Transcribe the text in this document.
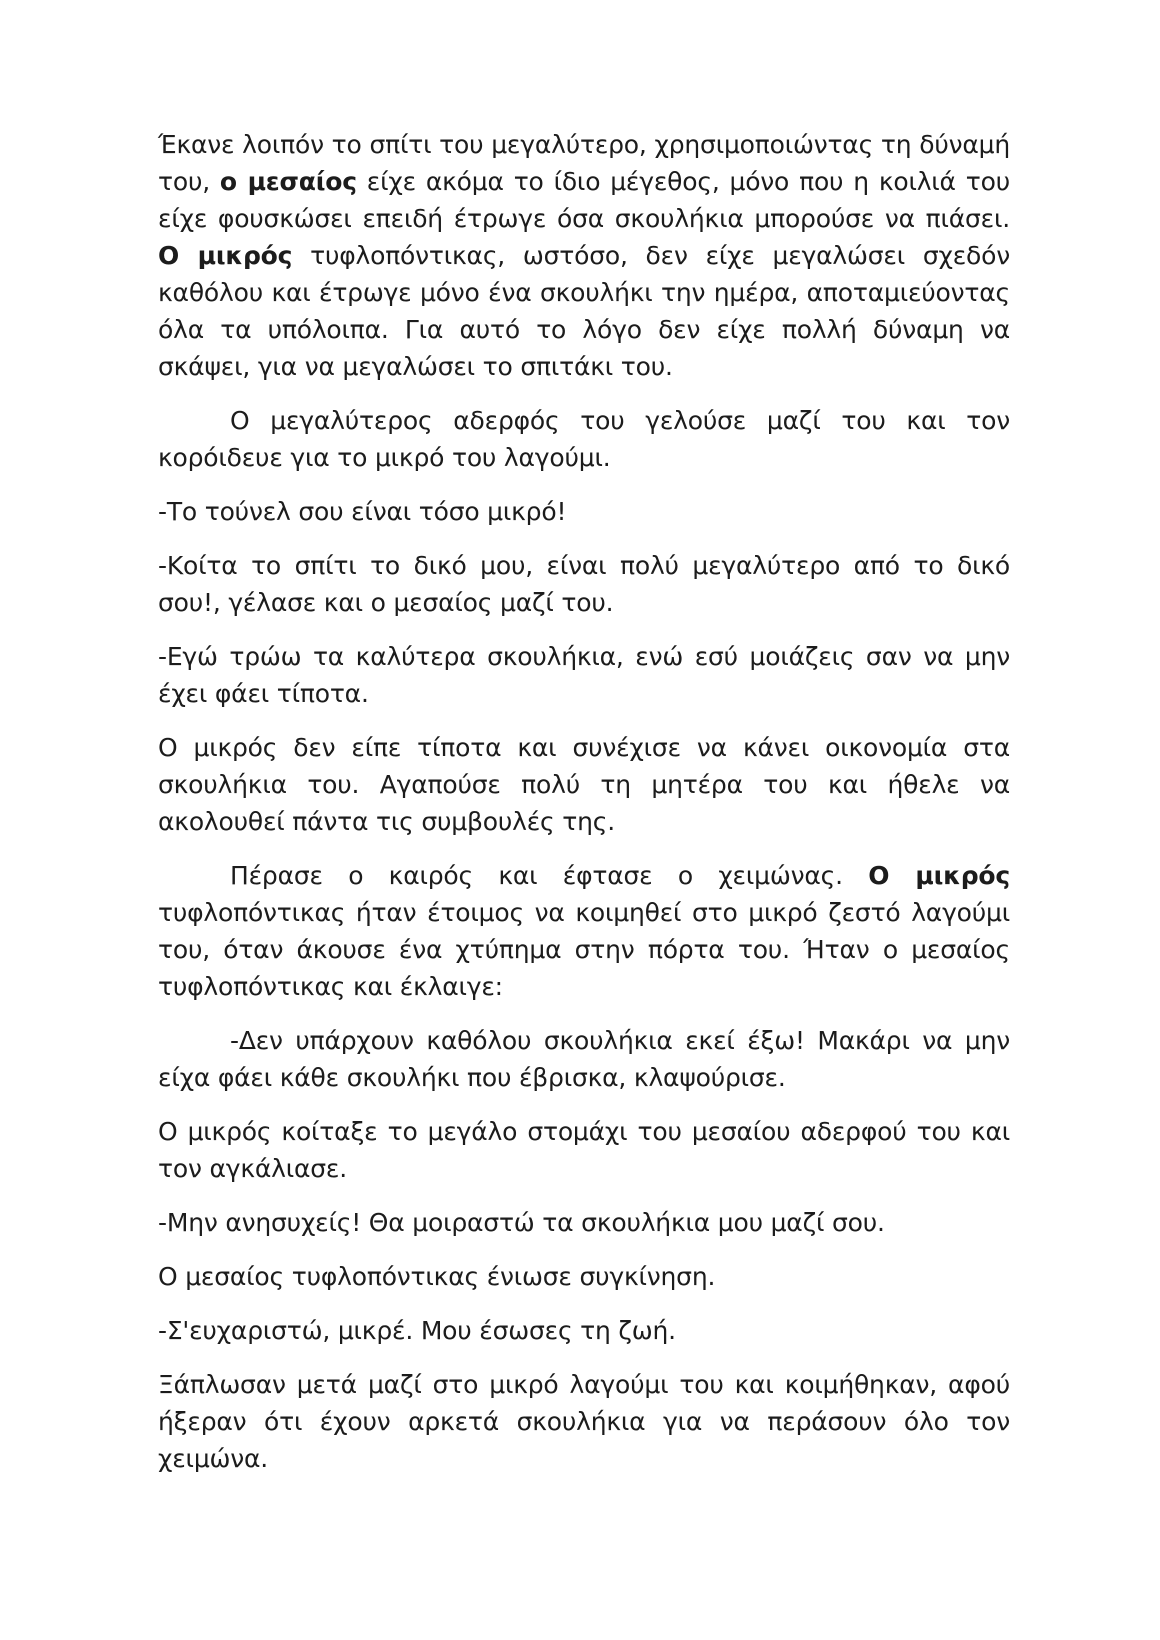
Έκανε λοιπόν το σπίτι του μεγαλύτερο, χρησιμοποιώντας τη δύναμή του, ο μεσαίος είχε ακόμα το ίδιο μέγεθος, μόνο που η κοιλιά του είχε φουσκώσει επειδή έτρωγε όσα σκουλήκια μπορούσε να πιάσει. Ο μικρός τυφλοπόντικας, ωστόσο, δεν είχε μεγαλώσει σχεδόν καθόλου και έτρωγε μόνο ένα σκουλήκι την ημέρα, αποταμιεύοντας όλα τα υπόλοιπα. Για αυτό το λόγο δεν είχε πολλή δύναμη να σκάψει, για να μεγαλώσει το σπιτάκι του.

Ο μεγαλύτερος αδερφός του γελούσε μαζί του και τον κορόιδευε για το μικρό του λαγούμι.

-Το τούνελ σου είναι τόσο μικρό!

-Κοίτα το σπίτι το δικό μου, είναι πολύ μεγαλύτερο από το δικό σου!, γέλασε και ο μεσαίος μαζί του.

-Εγώ τρώω τα καλύτερα σκουλήκια, ενώ εσύ μοιάζεις σαν να μην έχει φάει τίποτα.

Ο μικρός δεν είπε τίποτα και συνέχισε να κάνει οικονομία στα σκουλήκια του. Αγαπούσε πολύ τη μητέρα του και ήθελε να ακολουθεί πάντα τις συμβουλές της.

Πέρασε ο καιρός και έφτασε ο χειμώνας. Ο μικρός τυφλοπόντικας ήταν έτοιμος να κοιμηθεί στο μικρό ζεστό λαγούμι του, όταν άκουσε ένα χτύπημα στην πόρτα του. Ήταν ο μεσαίος τυφλοπόντικας και έκλαιγε:

-Δεν υπάρχουν καθόλου σκουλήκια εκεί έξω! Μακάρι να μην είχα φάει κάθε σκουλήκι που έβρισκα, κλαψούρισε.

Ο μικρός κοίταξε το μεγάλο στομάχι του μεσαίου αδερφού του και τον αγκάλιασε.

-Μην ανησυχείς! Θα μοιραστώ τα σκουλήκια μου μαζί σου.

Ο μεσαίος τυφλοπόντικας ένιωσε συγκίνηση.

-Σ'ευχαριστώ, μικρέ. Μου έσωσες τη ζωή.

Ξάπλωσαν μετά μαζί στο μικρό λαγούμι του και κοιμήθηκαν, αφού ήξεραν ότι έχουν αρκετά σκουλήκια για να περάσουν όλο τον χειμώνα.
